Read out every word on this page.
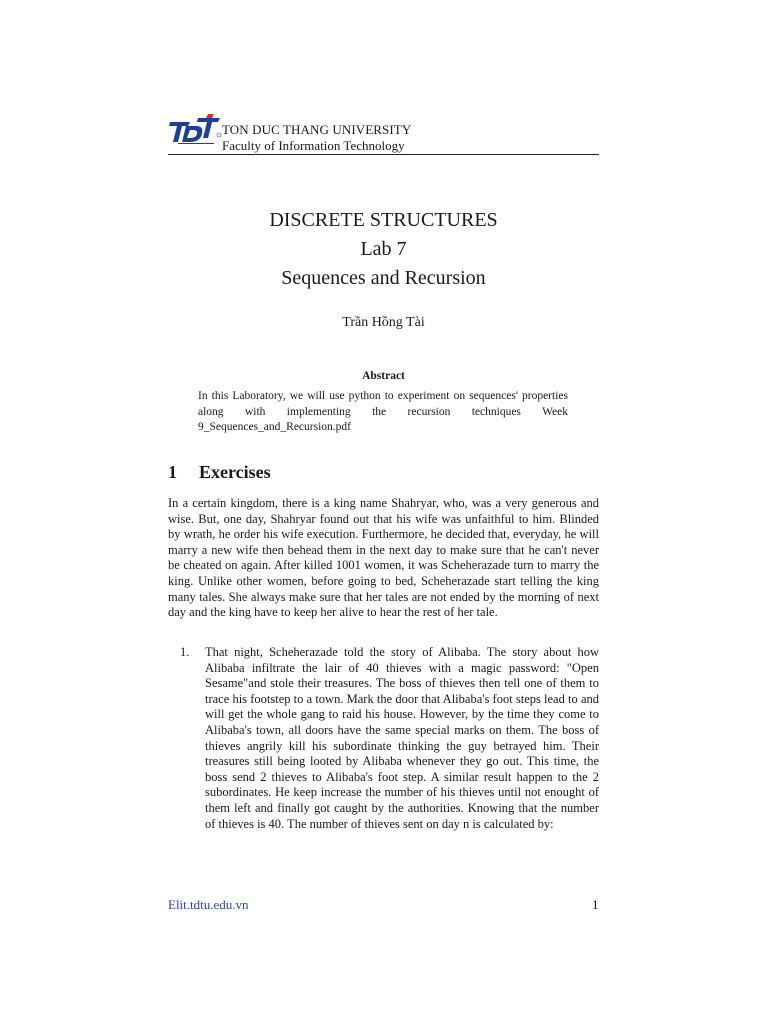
TON DUC THANG UNIVERSITY
Faculty of Information Technology
DISCRETE STRUCTURES
Lab 7
Sequences and Recursion
Trần Hồng Tài
Abstract
In this Laboratory, we will use python to experiment on sequences' properties along with implementing the recursion techniques Week 9_Sequences_and_Recursion.pdf
1 Exercises
In a certain kingdom, there is a king name Shahryar, who, was a very generous and wise. But, one day, Shahryar found out that his wife was unfaithful to him. Blinded by wrath, he order his wife execution. Furthermore, he decided that, everyday, he will marry a new wife then behead them in the next day to make sure that he can't never be cheated on again. After killed 1001 women, it was Scheherazade turn to marry the king. Unlike other women, before going to bed, Scheherazade start telling the king many tales. She always make sure that her tales are not ended by the morning of next day and the king have to keep her alive to hear the rest of her tale.
1. That night, Scheherazade told the story of Alibaba. The story about how Alibaba infiltrate the lair of 40 thieves with a magic password: "Open Sesame"and stole their treasures. The boss of thieves then tell one of them to trace his footstep to a town. Mark the door that Alibaba's foot steps lead to and will get the whole gang to raid his house. However, by the time they come to Alibaba's town, all doors have the same special marks on them. The boss of thieves angrily kill his subordinate thinking the guy betrayed him. Their treasures still being looted by Alibaba whenever they go out. This time, the boss send 2 thieves to Alibaba's foot step. A similar result happen to the 2 subordinates. He keep increase the number of his thieves until not enought of them left and finally got caught by the authorities. Knowing that the number of thieves is 40. The number of thieves sent on day n is calculated by:
Elit.tdtu.edu.vn	1
